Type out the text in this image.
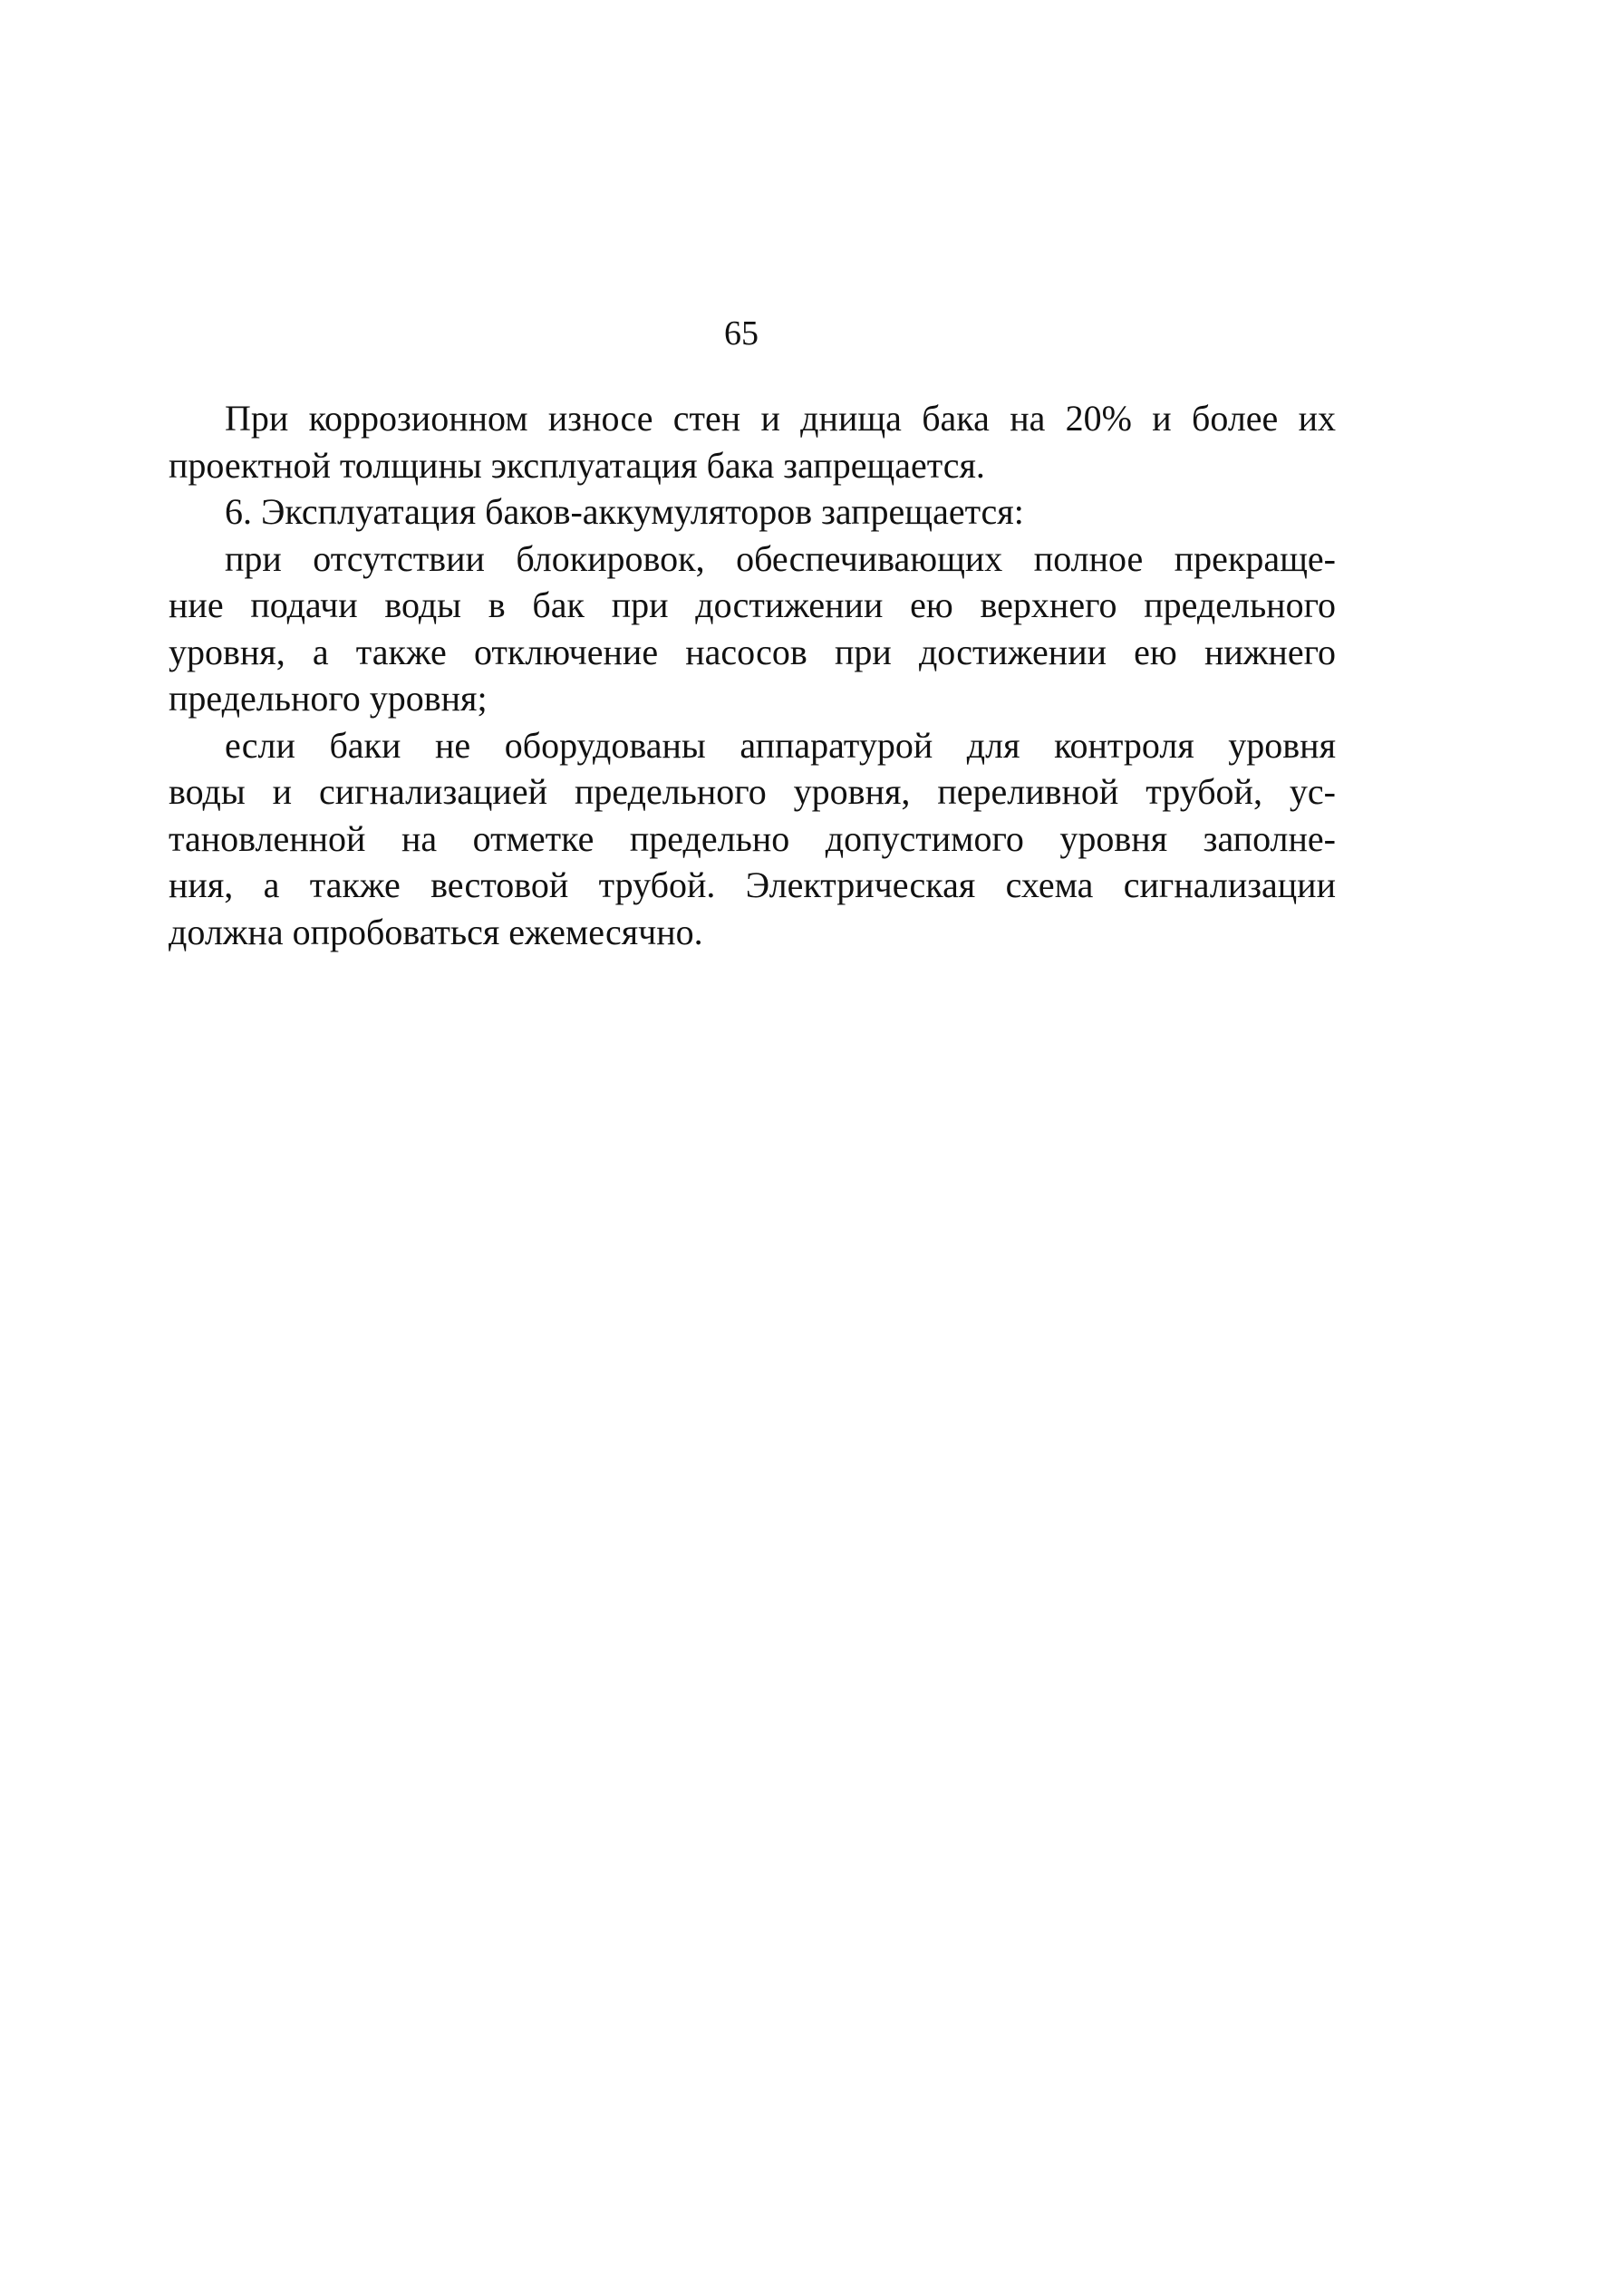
65
При коррозионном износе стен и днища бака на 20% и более их
проектной толщины эксплуатация бака запрещается.
6. Эксплуатация баков-аккумуляторов запрещается:
при отсутствии блокировок, обеспечивающих полное прекраще-
ние подачи воды в бак при достижении ею верхнего предельного
уровня, а также отключение насосов при достижении ею нижнего
предельного уровня;
если баки не оборудованы аппаратурой для контроля уровня
воды и сигнализацией предельного уровня, переливной трубой, ус-
тановленной на отметке предельно допустимого уровня заполне-
ния, а также вестовой трубой. Электрическая схема сигнализации
должна опробоваться ежемесячно.
